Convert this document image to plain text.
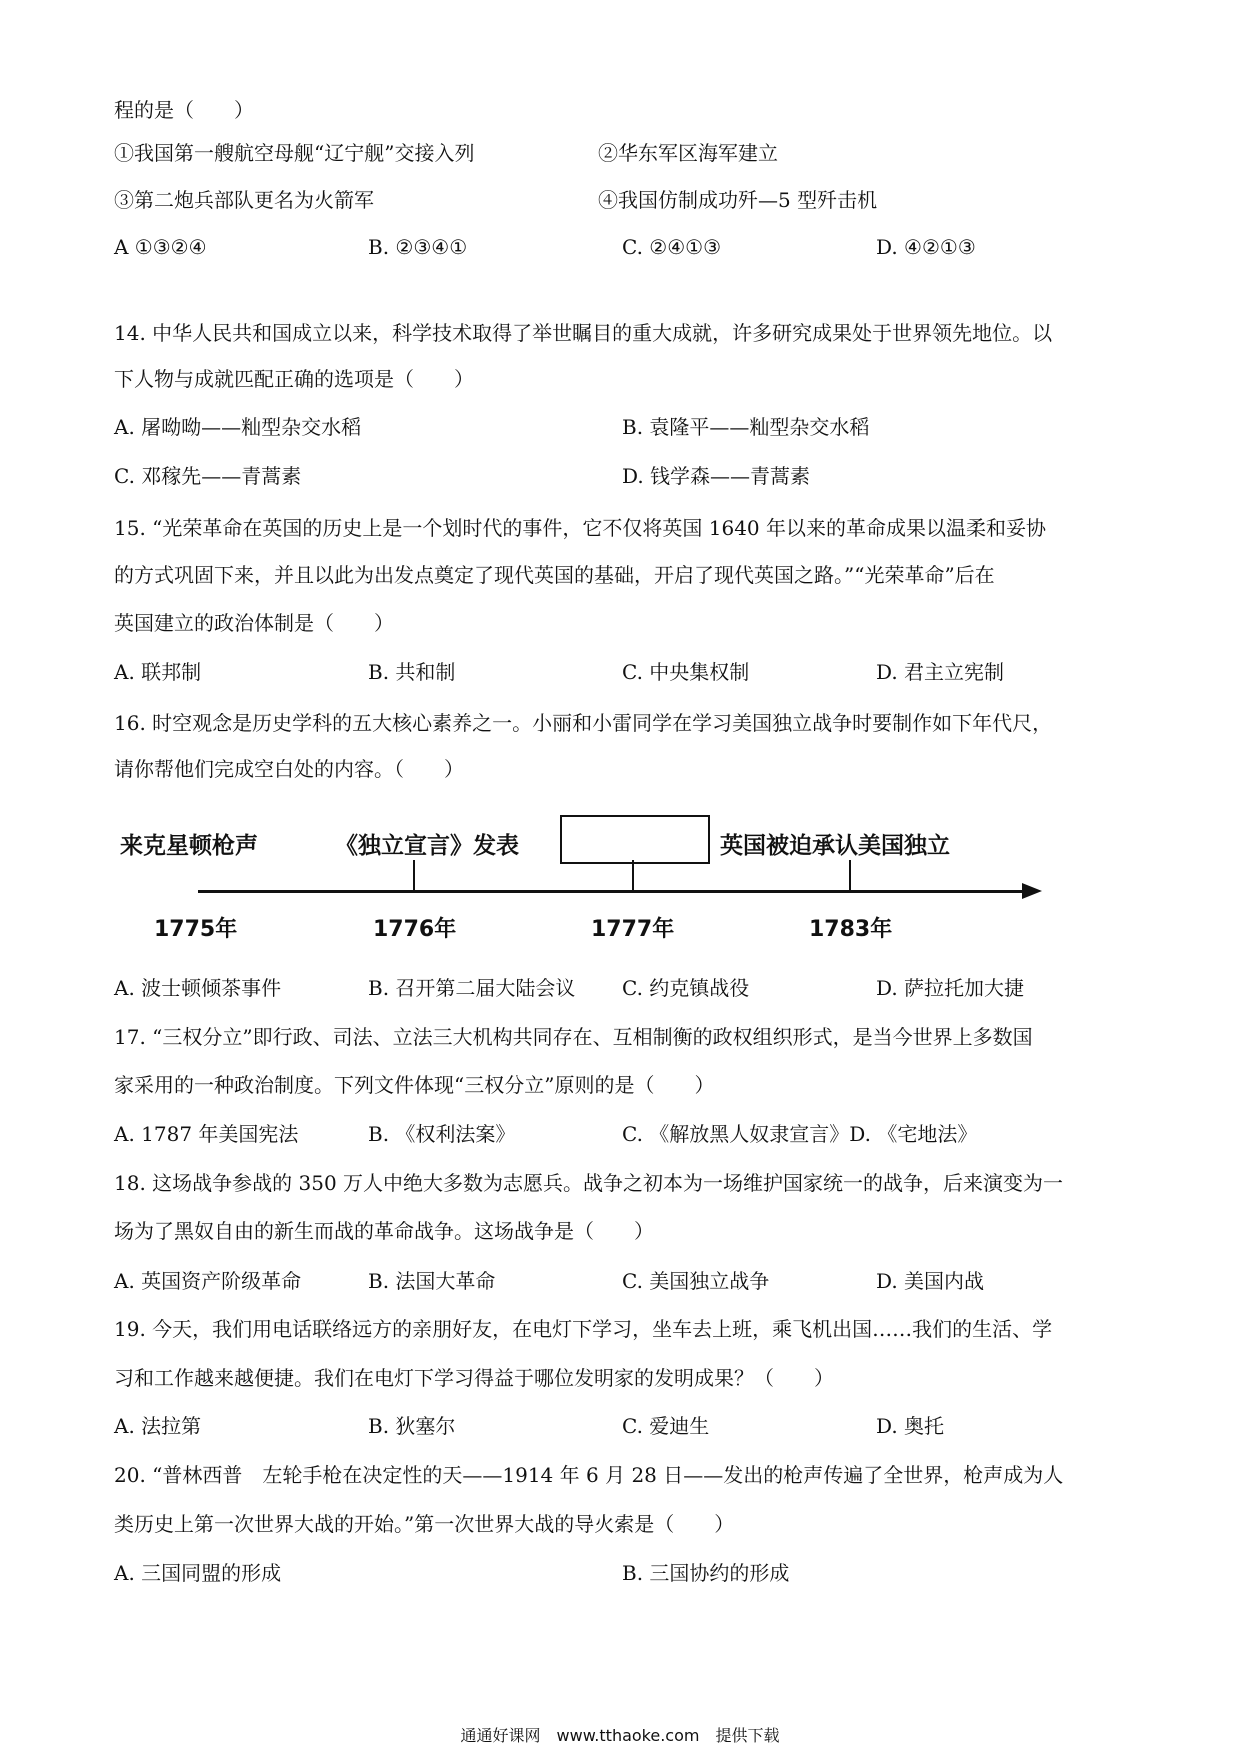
程的是（　　）
①我国第一艘航空母舰“辽宁舰”交接入列	②华东军区海军建立
③第二炮兵部队更名为火箭军	④我国仿制成功歼—5 型歼击机
A ①③②④	B. ②③④①	C. ②④①③	D. ④②①③
14. 中华人民共和国成立以来，科学技术取得了举世瞩目的重大成就，许多研究成果处于世界领先地位。以
下人物与成就匹配正确的选项是（　　）
A. 屠呦呦——籼型杂交水稻	B. 袁隆平——籼型杂交水稻
C. 邓稼先——青蒿素	D. 钱学森——青蒿素
15. “光荣革命在英国的历史上是一个划时代的事件，它不仅将英国 1640 年以来的革命成果以温柔和妥协
的方式巩固下来，并且以此为出发点奠定了现代英国的基础，开启了现代英国之路。”“光荣革命”后在
英国建立的政治体制是（　　）
A. 联邦制	B. 共和制	C. 中央集权制	D. 君主立宪制
16. 时空观念是历史学科的五大核心素养之一。小丽和小雷同学在学习美国独立战争时要制作如下年代尺，
请你帮他们完成空白处的内容。（　　）
来克星顿枪声	《独立宣言》发表	英国被迫承认美国独立
1775年	1776年	1777年	1783年
A. 波士顿倾茶事件	B. 召开第二届大陆会议 C. 约克镇战役	D. 萨拉托加大捷
17. “三权分立”即行政、司法、立法三大机构共同存在、互相制衡的政权组织形式，是当今世界上多数国
家采用的一种政治制度。下列文件体现“三权分立”原则的是（　　）
A. 1787 年美国宪法	B. 《权利法案》	C. 《解放黑人奴隶宣言》D. 《宅地法》
18. 这场战争参战的 350 万人中绝大多数为志愿兵。战争之初本为一场维护国家统一的战争，后来演变为一
场为了黑奴自由的新生而战的革命战争。这场战争是（　　）
A. 英国资产阶级革命	B. 法国大革命	C. 美国独立战争	D. 美国内战
19. 今天，我们用电话联络远方的亲朋好友，在电灯下学习，坐车去上班，乘飞机出国……我们的生活、学
习和工作越来越便捷。我们在电灯下学习得益于哪位发明家的发明成果？（　　）
A. 法拉第	B. 狄塞尔	C. 爱迪生	D. 奥托
20. “普林西普　左轮手枪在决定性的天——1914 年 6 月 28 日——发出的枪声传遍了全世界，枪声成为人
类历史上第一次世界大战的开始。”第一次世界大战的导火索是（　　）
A. 三国同盟的形成	B. 三国协约的形成
通通好课网　www.tthaoke.com　提供下载
